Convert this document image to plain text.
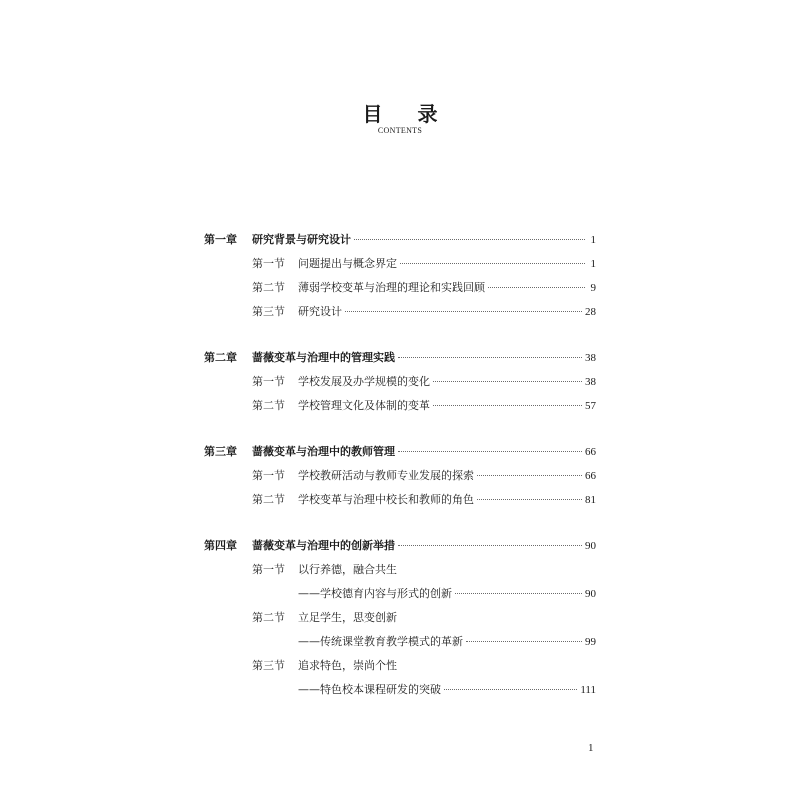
目 录
CONTENTS
第一章	研究背景与研究设计	1
第一节	问题提出与概念界定	1
第二节	薄弱学校变革与治理的理论和实践回顾	9
第三节	研究设计	28
第二章	蔷薇变革与治理中的管理实践	38
第一节	学校发展及办学规模的变化	38
第二节	学校管理文化及体制的变革	57
第三章	蔷薇变革与治理中的教师管理	66
第一节	学校教研活动与教师专业发展的探索	66
第二节	学校变革与治理中校长和教师的角色	81
第四章	蔷薇变革与治理中的创新举措	90
第一节	以行养德，融合共生
——学校德育内容与形式的创新	90
第二节	立足学生，思变创新
——传统课堂教育教学模式的革新	99
第三节	追求特色，崇尚个性
——特色校本课程研发的突破	111
1
